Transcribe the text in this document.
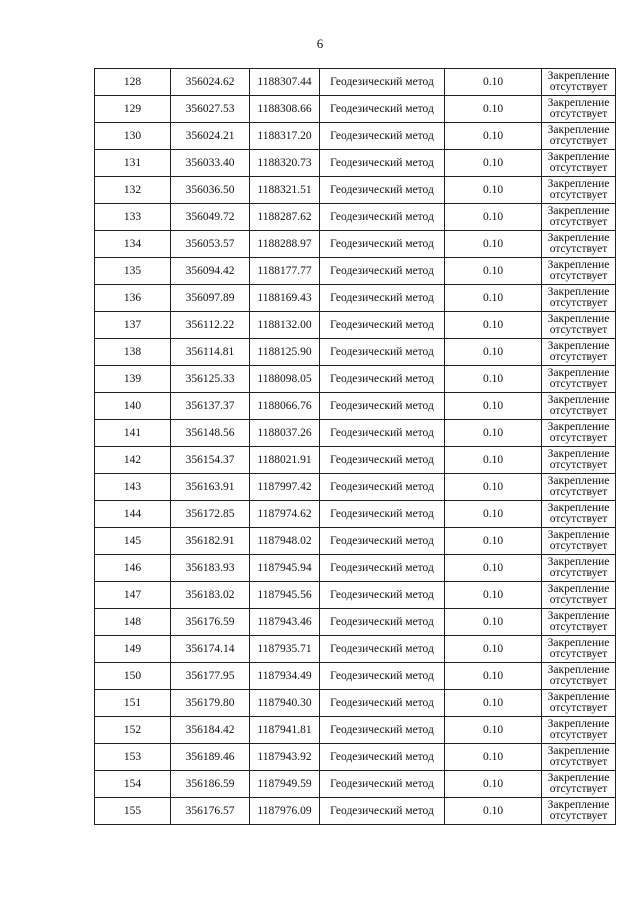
6
128	356024.62	1188307.44	Геодезический метод	0.10	Закрепление
отсутствует

129	356027.53	1188308.66	Геодезический метод	0.10	Закрепление
отсутствует

130	356024.21	1188317.20	Геодезический метод	0.10	Закрепление
отсутствует

131	356033.40	1188320.73	Геодезический метод	0.10	Закрепление
отсутствует

132	356036.50	1188321.51	Геодезический метод	0.10	Закрепление
отсутствует

133	356049.72	1188287.62	Геодезический метод	0.10	Закрепление
отсутствует

134	356053.57	1188288.97	Геодезический метод	0.10	Закрепление
отсутствует

135	356094.42	1188177.77	Геодезический метод	0.10	Закрепление
отсутствует

136	356097.89	1188169.43	Геодезический метод	0.10	Закрепление
отсутствует

137	356112.22	1188132.00	Геодезический метод	0.10	Закрепление
отсутствует

138	356114.81	1188125.90	Геодезический метод	0.10	Закрепление
отсутствует

139	356125.33	1188098.05	Геодезический метод	0.10	Закрепление
отсутствует

140	356137.37	1188066.76	Геодезический метод	0.10	Закрепление
отсутствует

141	356148.56	1188037.26	Геодезический метод	0.10	Закрепление
отсутствует

142	356154.37	1188021.91	Геодезический метод	0.10	Закрепление
отсутствует

143	356163.91	1187997.42	Геодезический метод	0.10	Закрепление
отсутствует

144	356172.85	1187974.62	Геодезический метод	0.10	Закрепление
отсутствует

145	356182.91	1187948.02	Геодезический метод	0.10	Закрепление
отсутствует

146	356183.93	1187945.94	Геодезический метод	0.10	Закрепление
отсутствует

147	356183.02	1187945.56	Геодезический метод	0.10	Закрепление
отсутствует

148	356176.59	1187943.46	Геодезический метод	0.10	Закрепление
отсутствует

149	356174.14	1187935.71	Геодезический метод	0.10	Закрепление
отсутствует

150	356177.95	1187934.49	Геодезический метод	0.10	Закрепление
отсутствует

151	356179.80	1187940.30	Геодезический метод	0.10	Закрепление
отсутствует

152	356184.42	1187941.81	Геодезический метод	0.10	Закрепление
отсутствует

153	356189.46	1187943.92	Геодезический метод	0.10	Закрепление
отсутствует

154	356186.59	1187949.59	Геодезический метод	0.10	Закрепление
отсутствует

155	356176.57	1187976.09	Геодезический метод	0.10	Закрепление
отсутствует
